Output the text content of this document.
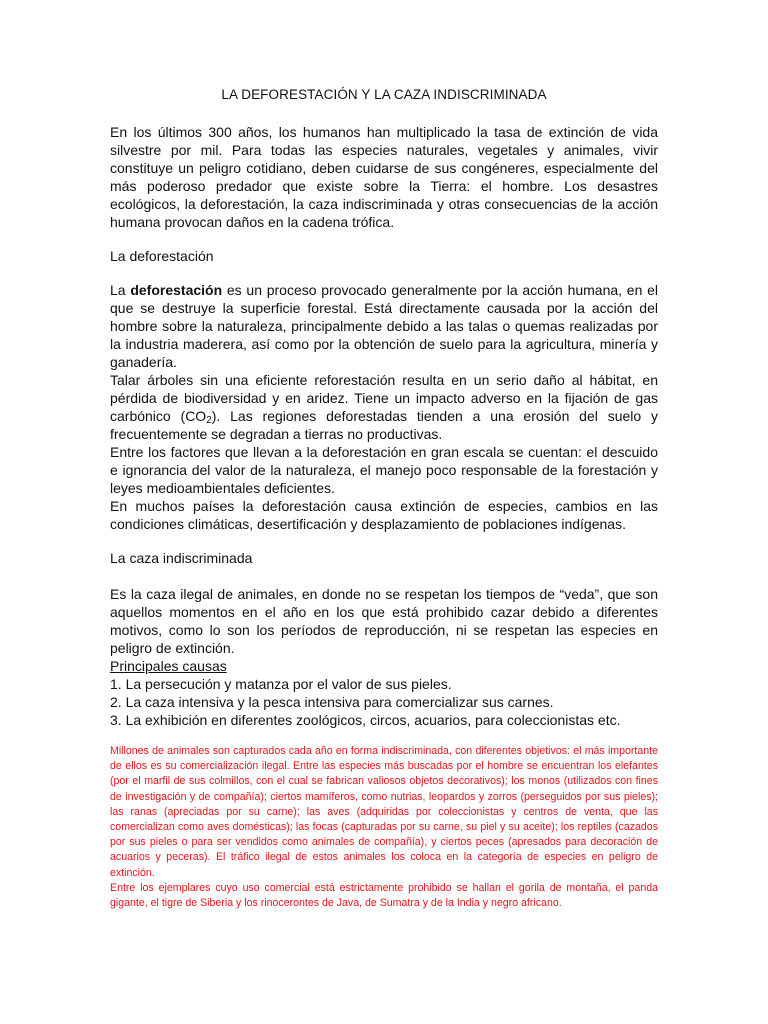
LA DEFORESTACIÓN Y LA CAZA INDISCRIMINADA

En los últimos 300 años, los humanos han multiplicado la tasa de extinción de vida silvestre por mil. Para todas las especies naturales, vegetales y animales, vivir constituye un peligro cotidiano, deben cuidarse de sus congéneres, especialmente del más poderoso predador que existe sobre la Tierra: el hombre. Los desastres ecológicos, la deforestación, la caza indiscriminada y otras consecuencias de la acción humana provocan daños en la cadena trófica.

La deforestación

La deforestación es un proceso provocado generalmente por la acción humana, en el que se destruye la superficie forestal. Está directamente causada por la acción del hombre sobre la naturaleza, principalmente debido a las talas o quemas realizadas por la industria maderera, así como por la obtención de suelo para la agricultura, minería y ganadería.

Talar árboles sin una eficiente reforestación resulta en un serio daño al hábitat, en pérdida de biodiversidad y en aridez. Tiene un impacto adverso en la fijación de gas carbónico $(CO_2)$. Las regiones deforestadas tienden a una erosión del suelo y frecuentemente se degradan a tierras no productivas.

Entre los factores que llevan a la deforestación en gran escala se cuentan: el descuido e ignorancia del valor de la naturaleza, el manejo poco responsable de la forestación y leyes medioambientales deficientes.

En muchos países la deforestación causa extinción de especies, cambios en las condiciones climáticas, desertificación y desplazamiento de poblaciones indígenas.

La caza indiscriminada

Es la caza ilegal de animales, en donde no se respetan los tiempos de “veda”, que son aquellos momentos en el año en los que está prohibido cazar debido a diferentes motivos, como lo son los períodos de reproducción, ni se respetan las especies en peligro de extinción.

Principales causas
1. La persecución y matanza por el valor de sus pieles.
2. La caza intensiva y la pesca intensiva para comercializar sus carnes.
3. La exhibición en diferentes zoológicos, circos, acuarios, para coleccionistas etc.

Millones de animales son capturados cada año en forma indiscriminada, con diferentes objetivos: el más importante de ellos es su comercialización ilegal. Entre las especies más buscadas por el hombre se encuentran los elefantes (por el marfil de sus colmillos, con el cual se fabrican valiosos objetos decorativos); los monos (utilizados con fines de investigación y de compañía); ciertos mamíferos, como nutrias, leopardos y zorros (perseguidos por sus pieles); las ranas (apreciadas por su carne); las aves (adquiridas por coleccionistas y centros de venta, que las comercializan como aves domésticas); las focas (capturadas por su carne, su piel y su aceite); los reptiles (cazados por sus pieles o para ser vendidos como animales de compañía), y ciertos peces (apresados para decoración de acuarios y peceras). El tráfico ilegal de estos animales los coloca en la categoría de especies en peligro de extinción.

Entre los ejemplares cuyo uso comercial está estrictamente prohibido se hallan el gorila de montaña, el panda gigante, el tigre de Siberia y los rinocerontes de Java, de Sumatra y de la India y negro africano.
